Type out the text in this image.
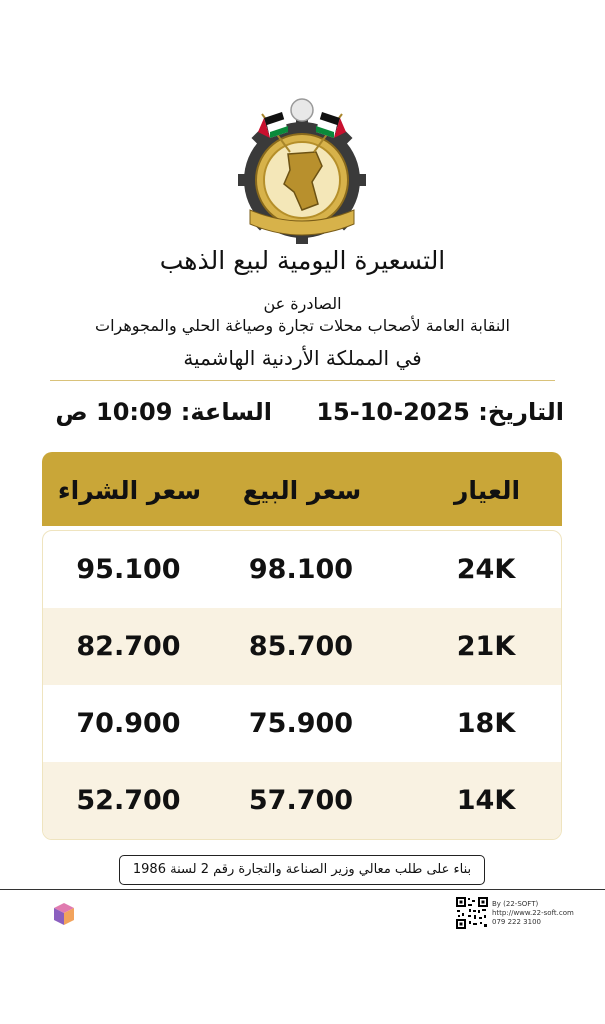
التسعيرة اليومية لبيع الذهب
الصادرة عن
النقابة العامة لأصحاب محلات تجارة وصياغة الحلي والمجوهرات
في المملكة الأردنية الهاشمية
التاريخ: 15-10-2025
الساعة: 10:09 ص
العيار
سعر البيع
سعر الشراء
24K
98.100
95.100
21K
85.700
82.700
18K
75.900
70.900
14K
57.700
52.700
بناء على طلب معالي وزير الصناعة والتجارة رقم 2 لسنة 1986
By (22-SOFT)
http://www.22-soft.com
079 222 3100
